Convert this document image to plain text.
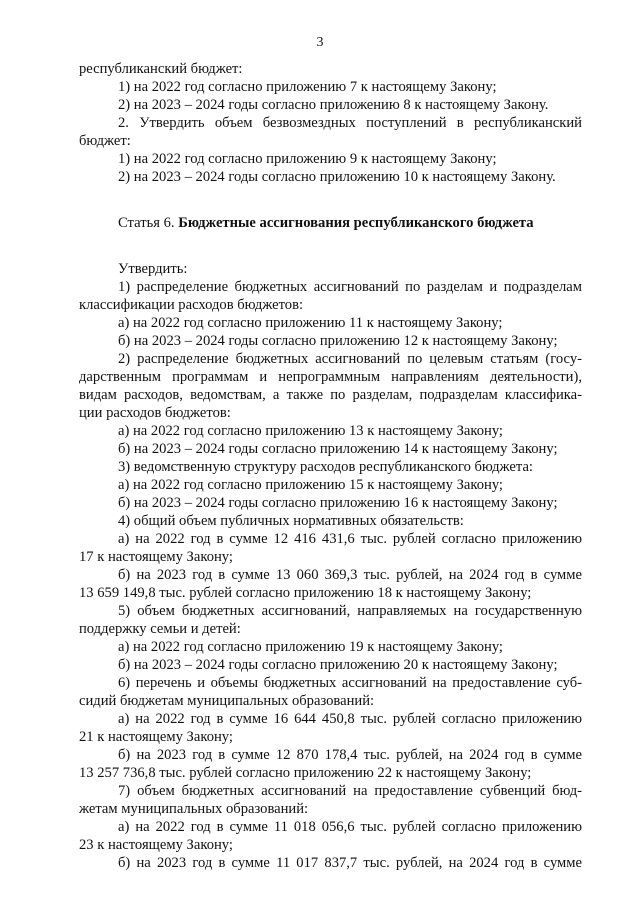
3
республиканский бюджет:
1) на 2022 год согласно приложению 7 к настоящему Закону;
2) на 2023 – 2024 годы согласно приложению 8 к настоящему Закону.
2. Утвердить объем безвозмездных поступлений в республиканский
бюджет:
1) на 2022 год согласно приложению 9 к настоящему Закону;
2) на 2023 – 2024 годы согласно приложению 10 к настоящему Закону.
Статья 6. Бюджетные ассигнования республиканского бюджета
Утвердить:
1) распределение бюджетных ассигнований по разделам и подразделам
классификации расходов бюджетов:
а) на 2022 год согласно приложению 11 к настоящему Закону;
б) на 2023 – 2024 годы согласно приложению 12 к настоящему Закону;
2) распределение бюджетных ассигнований по целевым статьям (госу-
дарственным программам и непрограммным направлениям деятельности),
видам расходов, ведомствам, а также по разделам, подразделам классифика-
ции расходов бюджетов:
а) на 2022 год согласно приложению 13 к настоящему Закону;
б) на 2023 – 2024 годы согласно приложению 14 к настоящему Закону;
3) ведомственную структуру расходов республиканского бюджета:
а) на 2022 год согласно приложению 15 к настоящему Закону;
б) на 2023 – 2024 годы согласно приложению 16 к настоящему Закону;
4) общий объем публичных нормативных обязательств:
а) на 2022 год в сумме 12 416 431,6 тыс. рублей согласно приложению
17 к настоящему Закону;
б) на 2023 год в сумме 13 060 369,3 тыс. рублей, на 2024 год в сумме
13 659 149,8 тыс. рублей согласно приложению 18 к настоящему Закону;
5) объем бюджетных ассигнований, направляемых на государственную
поддержку семьи и детей:
а) на 2022 год согласно приложению 19 к настоящему Закону;
б) на 2023 – 2024 годы согласно приложению 20 к настоящему Закону;
6) перечень и объемы бюджетных ассигнований на предоставление суб-
сидий бюджетам муниципальных образований:
а) на 2022 год в сумме 16 644 450,8 тыс. рублей согласно приложению
21 к настоящему Закону;
б) на 2023 год в сумме 12 870 178,4 тыс. рублей, на 2024 год в сумме
13 257 736,8 тыс. рублей согласно приложению 22 к настоящему Закону;
7) объем бюджетных ассигнований на предоставление субвенций бюд-
жетам муниципальных образований:
а) на 2022 год в сумме 11 018 056,6 тыс. рублей согласно приложению
23 к настоящему Закону;
б) на 2023 год в сумме 11 017 837,7 тыс. рублей, на 2024 год в сумме
